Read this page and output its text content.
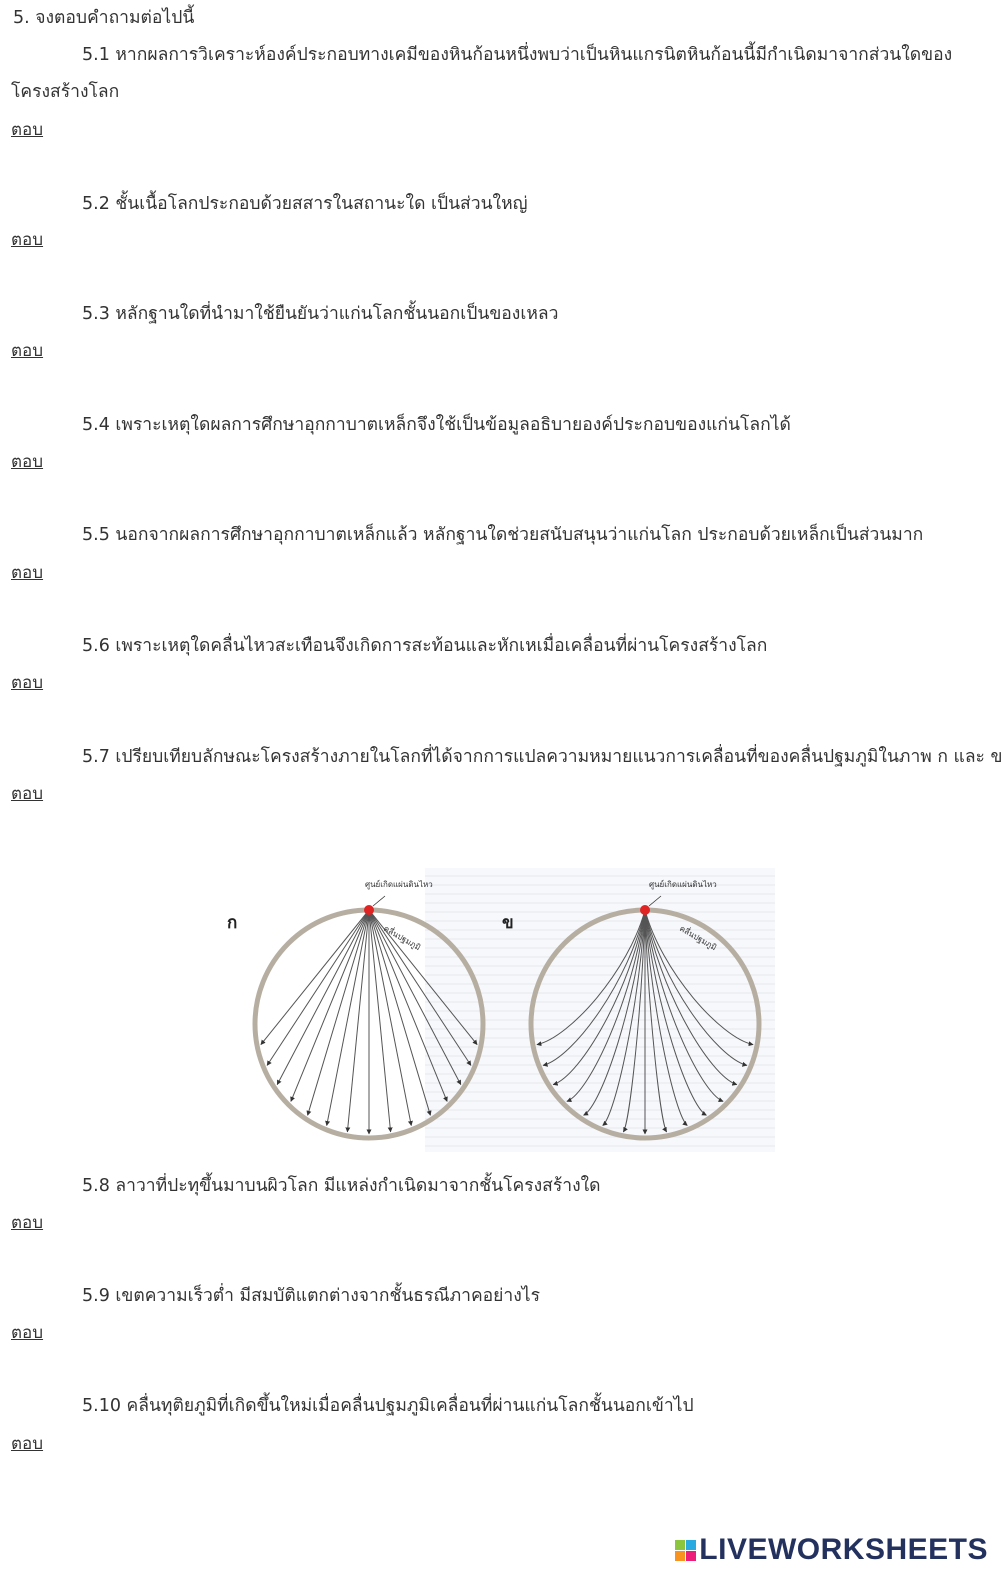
5. จงตอบคำถามต่อไปนี้
5.1 หากผลการวิเคราะห์องค์ประกอบทางเคมีของหินก้อนหนึ่งพบว่าเป็นหินแกรนิตหินก้อนนี้มีกำเนิดมาจากส่วนใดของ
โครงสร้างโลก
ตอบ
5.2 ชั้นเนื้อโลกประกอบด้วยสสารในสถานะใด เป็นส่วนใหญ่
ตอบ
5.3 หลักฐานใดที่นำมาใช้ยืนยันว่าแก่นโลกชั้นนอกเป็นของเหลว
ตอบ
5.4 เพราะเหตุใดผลการศึกษาอุกกาบาตเหล็กจึงใช้เป็นข้อมูลอธิบายองค์ประกอบของแก่นโลกได้
ตอบ
5.5 นอกจากผลการศึกษาอุกกาบาตเหล็กแล้ว หลักฐานใดช่วยสนับสนุนว่าแก่นโลก ประกอบด้วยเหล็กเป็นส่วนมาก
ตอบ
5.6 เพราะเหตุใดคลื่นไหวสะเทือนจึงเกิดการสะท้อนและหักเหเมื่อเคลื่อนที่ผ่านโครงสร้างโลก
ตอบ
5.7 เปรียบเทียบลักษณะโครงสร้างภายในโลกที่ได้จากการแปลความหมายแนวการเคลื่อนที่ของคลื่นปฐมภูมิในภาพ ก และ ข
ตอบ
ก	ข
ศูนย์เกิดแผ่นดินไหว	ศูนย์เกิดแผ่นดินไหว
คลื่นปฐมภูมิ	คลื่นปฐมภูมิ
5.8 ลาวาที่ปะทุขึ้นมาบนผิวโลก มีแหล่งกำเนิดมาจากชั้นโครงสร้างใด
ตอบ
5.9 เขตความเร็วต่ำ มีสมบัติแตกต่างจากชั้นธรณีภาคอย่างไร
ตอบ
5.10 คลื่นทุติยภูมิที่เกิดขึ้นใหม่เมื่อคลื่นปฐมภูมิเคลื่อนที่ผ่านแก่นโลกชั้นนอกเข้าไป
ตอบ
LIVEWORKSHEETS
